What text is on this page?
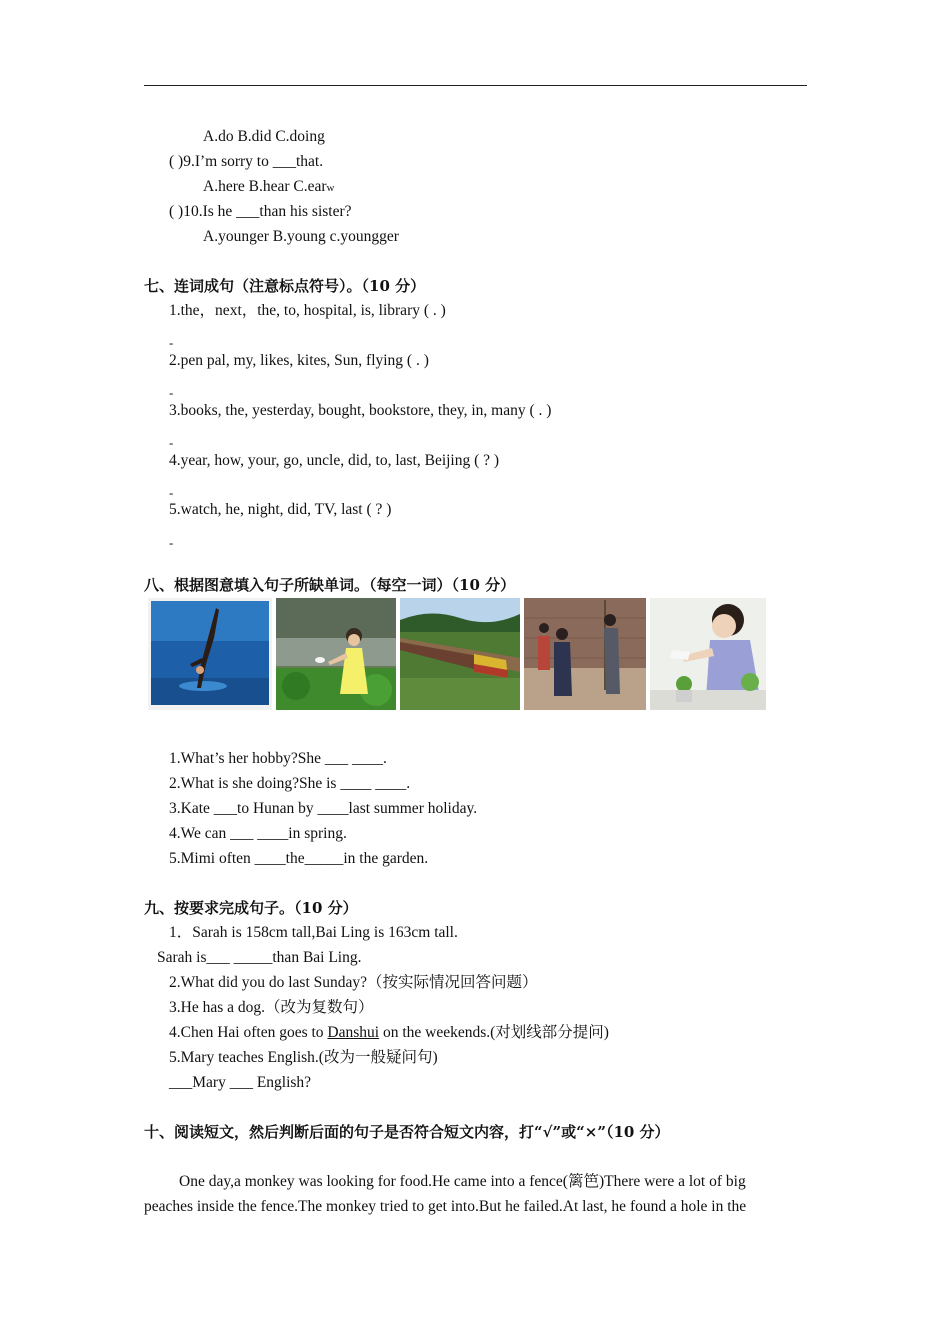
A.do B.did C.doing
( )9.I’m sorry to ___that.
A.here B.hear C.earw
( )10.Is he ___than his sister?
A.younger B.young c.youngger
七、连词成句（注意标点符号）。（10 分）
1.the，next，the, to, hospital, is, library ( . )
-
2.pen pal, my, likes, kites, Sun, flying ( . )
-
3.books, the, yesterday, bought, bookstore, they, in, many ( . )
-
4.year, how, your, go, uncle, did, to, last, Beijing ( ? )
-
5.watch, he, night, did, TV, last ( ? )
-
八、根据图意填入句子所缺单词。（每空一词）（10 分）
1.What’s her hobby?She ___ ____.
2.What is she doing?She is ____ ____.
3.Kate ___to Hunan by ____last summer holiday.
4.We can ___ ____in spring.
5.Mimi often ____the_____in the garden.
九、按要求完成句子。（10 分）
1．Sarah is 158cm tall,Bai Ling is 163cm tall.
Sarah is___ _____than Bai Ling.
2.What did you do last Sunday?（按实际情况回答问题）
3.He has a dog.（改为复数句）
4.Chen Hai often goes to Danshui on the weekends.(对划线部分提问)
5.Mary teaches English.(改为一般疑问句)
___Mary ___ English?
十、阅读短文，然后判断后面的句子是否符合短文内容，打“√”或“×”（10 分）
One day,a monkey was looking for food.He came into a fence(篱笆)There were a lot of big
peaches inside the fence.The monkey tried to get into.But he failed.At last, he found a hole in the
